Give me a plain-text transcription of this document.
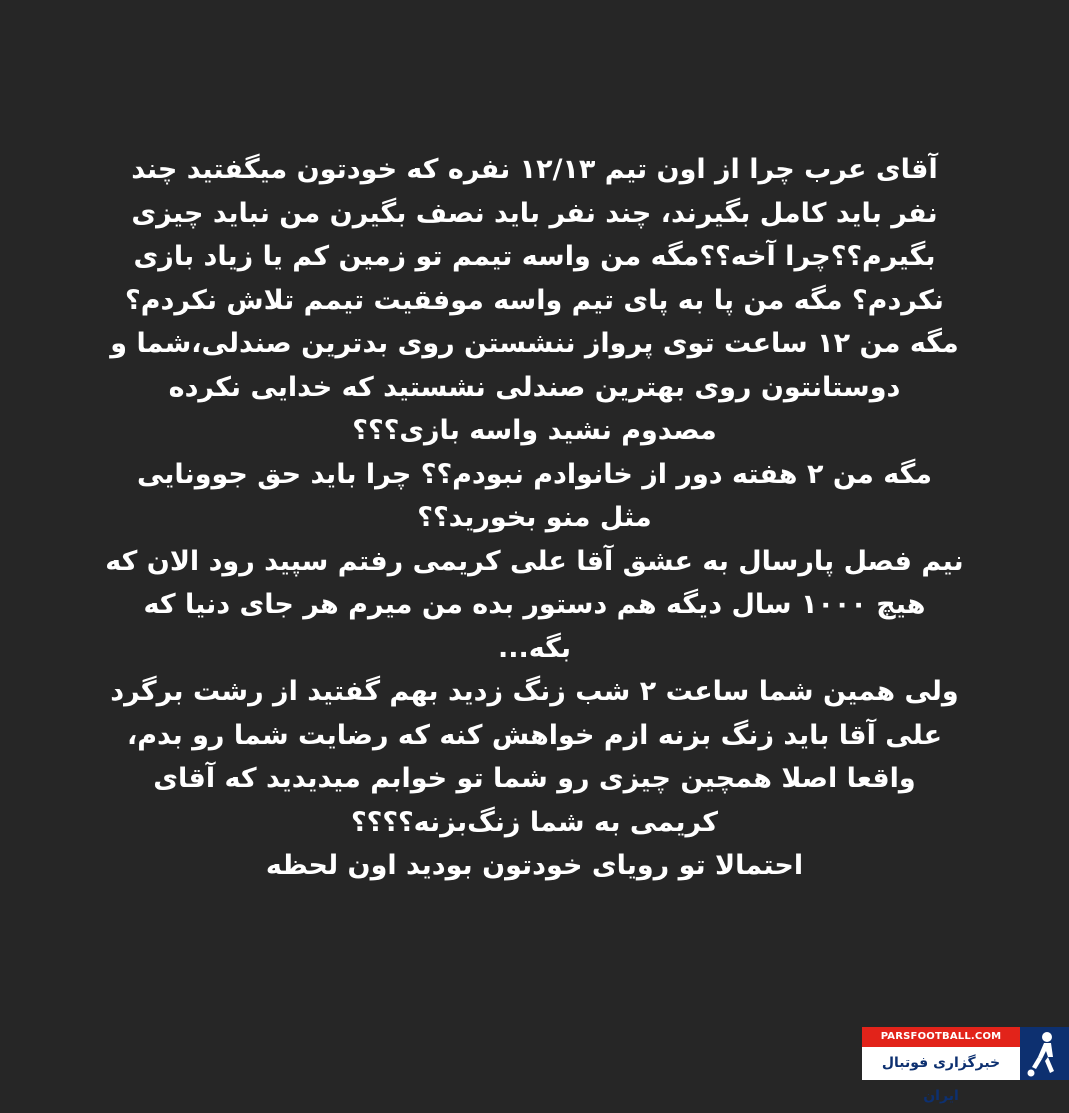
آقای عرب چرا از اون تیم ۱۲/۱۳ نفره که خودتون میگفتید چند
نفر باید کامل بگیرند، چند نفر باید نصف بگیرن من نباید چیزی
بگیرم؟؟چرا آخه؟؟مگه من واسه تیمم تو زمین کم یا زیاد بازی
نکردم؟ مگه من پا به پای تیم واسه موفقیت تیمم تلاش نکردم؟
مگه من ۱۲ ساعت توی پرواز ننشستن روی بدترین صندلی،شما و
دوستانتون روی بهترین صندلی نشستید که خدایی نکرده
مصدوم نشید واسه بازی؟؟؟
مگه من ۲ هفته دور از خانوادم نبودم؟؟ چرا باید حق جوونایی
مثل منو بخورید؟؟
نیم فصل پارسال به عشق آقا علی کریمی رفتم سپید رود الان که
هیچ ۱۰۰۰ سال دیگه هم دستور بده من میرم هر جای دنیا که
بگه...
ولی همین شما ساعت ۲ شب زنگ زدید بهم گفتید از رشت برگرد
علی آقا باید زنگ بزنه ازم خواهش کنه که رضایت شما رو بدم،
واقعا اصلا همچین چیزی رو شما تو خوابم میدیدید که آقای
کریمی به شما زنگ‌بزنه؟؟؟؟
احتمالا تو رویای خودتون بودید اون لحظه
PARSFOOTBALL.COM
خبرگزاری فوتبال ایران
